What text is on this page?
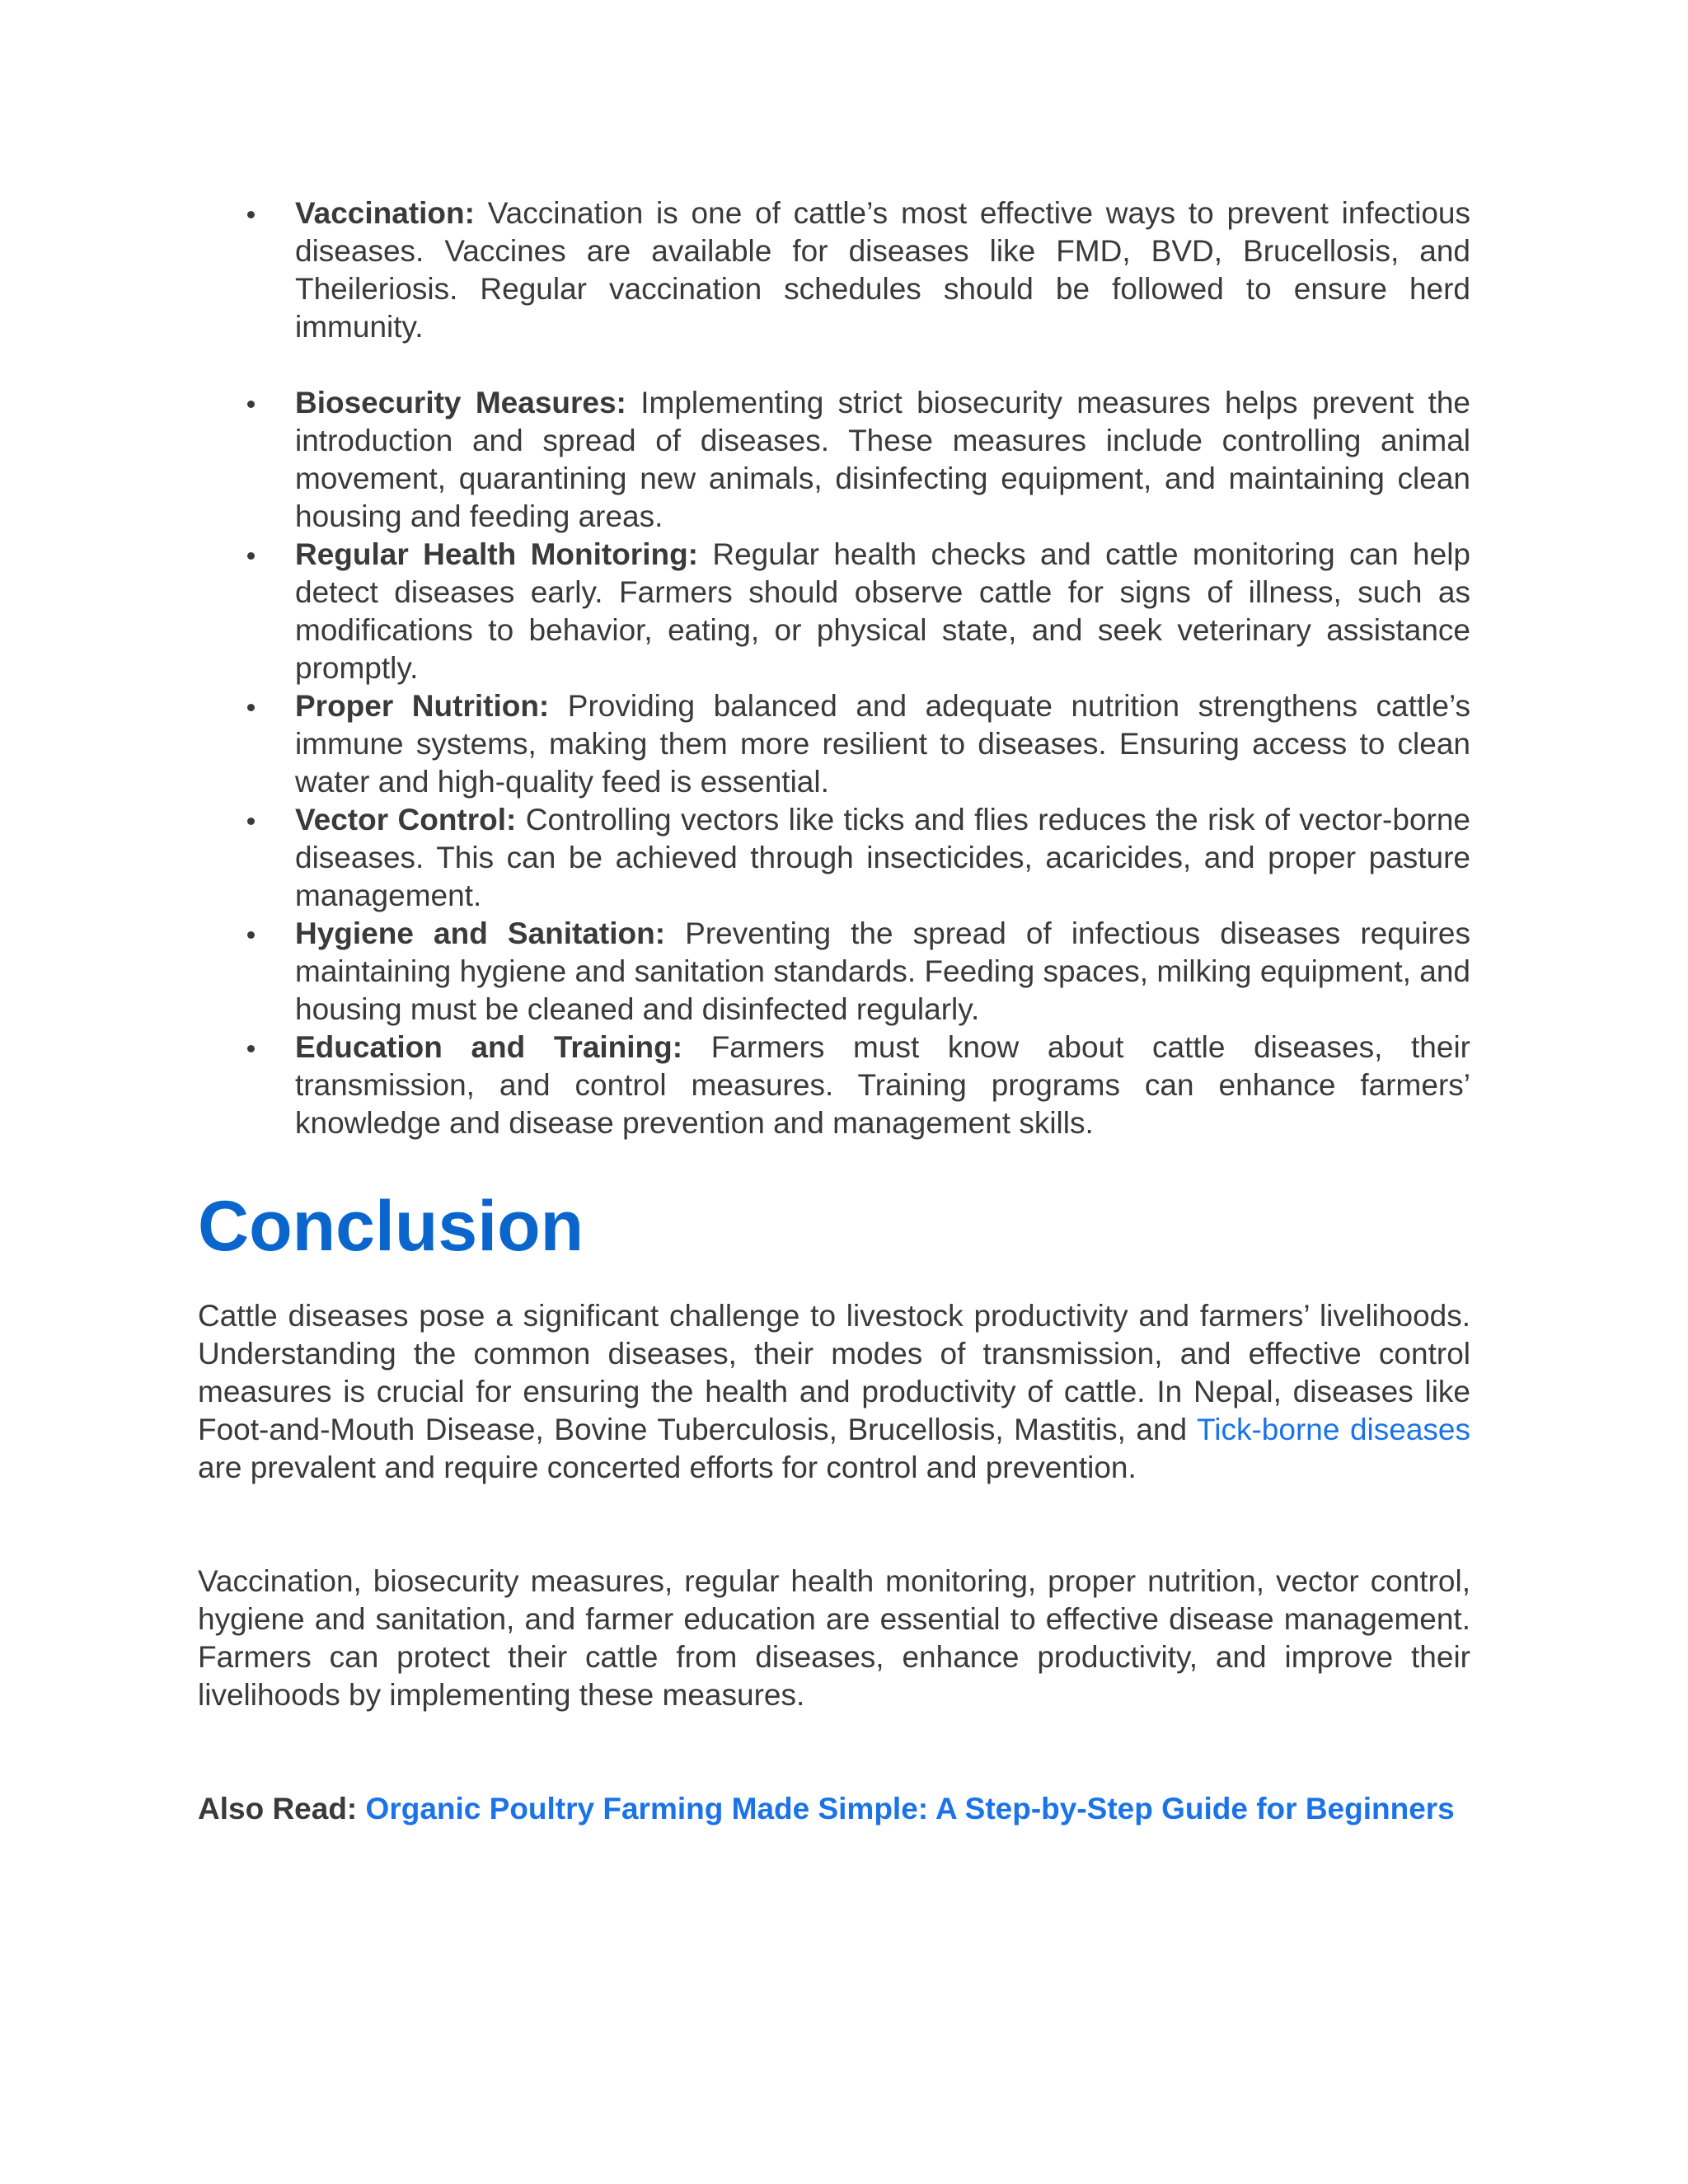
Vaccination: Vaccination is one of cattle’s most effective ways to prevent infectious diseases. Vaccines are available for diseases like FMD, BVD, Brucellosis, and Theileriosis. Regular vaccination schedules should be followed to ensure herd immunity.
Biosecurity Measures: Implementing strict biosecurity measures helps prevent the introduction and spread of diseases. These measures include controlling animal movement, quarantining new animals, disinfecting equipment, and maintaining clean housing and feeding areas.
Regular Health Monitoring: Regular health checks and cattle monitoring can help detect diseases early. Farmers should observe cattle for signs of illness, such as modifications to behavior, eating, or physical state, and seek veterinary assistance promptly.
Proper Nutrition: Providing balanced and adequate nutrition strengthens cattle’s immune systems, making them more resilient to diseases. Ensuring access to clean water and high-quality feed is essential.
Vector Control: Controlling vectors like ticks and flies reduces the risk of vector-borne diseases. This can be achieved through insecticides, acaricides, and proper pasture management.
Hygiene and Sanitation: Preventing the spread of infectious diseases requires maintaining hygiene and sanitation standards. Feeding spaces, milking equipment, and housing must be cleaned and disinfected regularly.
Education and Training: Farmers must know about cattle diseases, their transmission, and control measures. Training programs can enhance farmers’ knowledge and disease prevention and management skills.
Conclusion

Cattle diseases pose a significant challenge to livestock productivity and farmers’ livelihoods. Understanding the common diseases, their modes of transmission, and effective control measures is crucial for ensuring the health and productivity of cattle. In Nepal, diseases like Foot-and-Mouth Disease, Bovine Tuberculosis, Brucellosis, Mastitis, and Tick-borne diseases are prevalent and require concerted efforts for control and prevention.

Vaccination, biosecurity measures, regular health monitoring, proper nutrition, vector control, hygiene and sanitation, and farmer education are essential to effective disease management. Farmers can protect their cattle from diseases, enhance productivity, and improve their livelihoods by implementing these measures.

Also Read: Organic Poultry Farming Made Simple: A Step-by-Step Guide for Beginners
